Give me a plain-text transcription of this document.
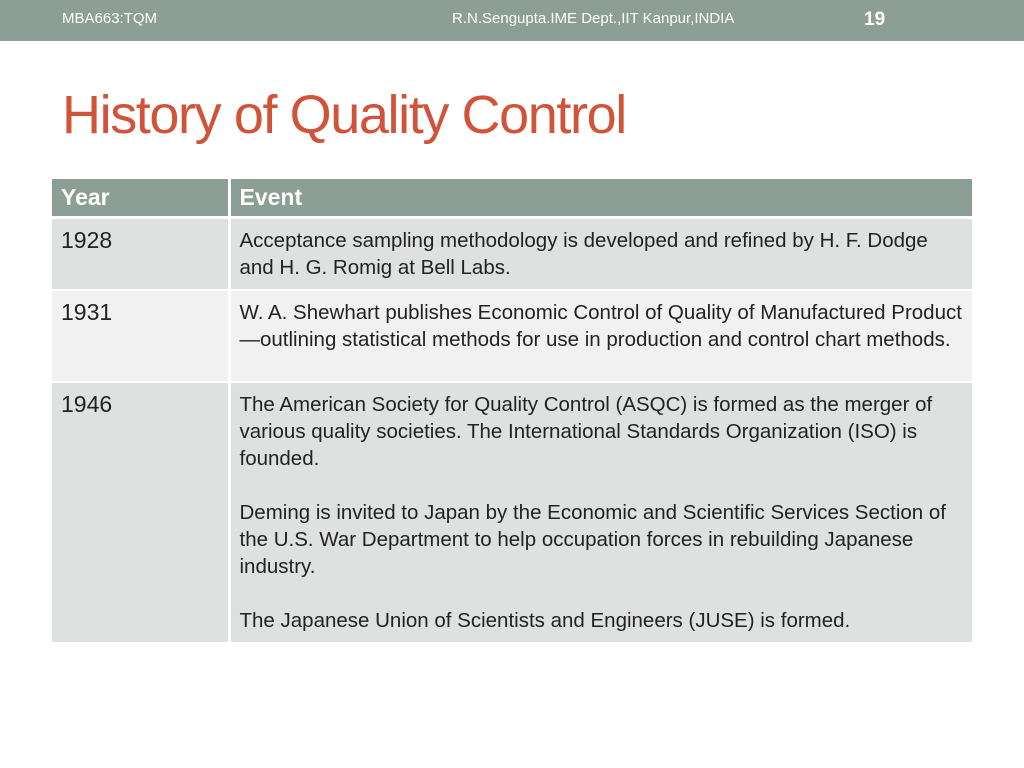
MBA663:TQM	R.N.Sengupta.IME Dept.,IIT Kanpur,INDIA	19
History of Quality Control
Year	Event
1928	Acceptance sampling methodology is developed and refined by H. F. Dodge and H. G. Romig at Bell Labs.

1931	W. A. Shewhart publishes Economic Control of Quality of Manufactured Product—outlining statistical methods for use in production and control chart methods.

1946	The American Society for Quality Control (ASQC) is formed as the merger of various quality societies. The International Standards Organization (ISO) is founded.

Deming is invited to Japan by the Economic and Scientific Services Section of the U.S. War Department to help occupation forces in rebuilding Japanese industry.

The Japanese Union of Scientists and Engineers (JUSE) is formed.
